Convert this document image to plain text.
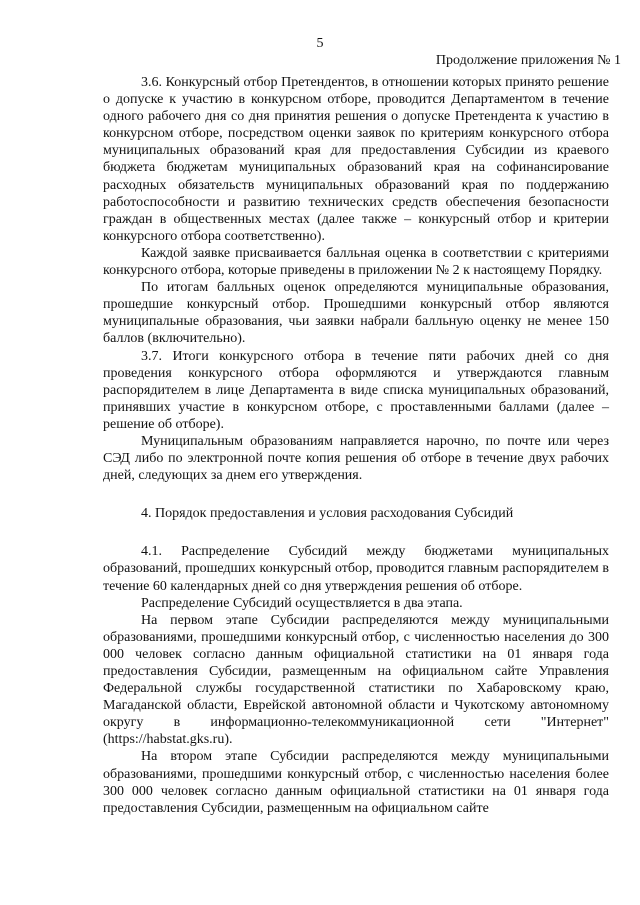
5
Продолжение приложения № 1

3.6. Конкурсный отбор Претендентов, в отношении которых принято решение о допуске к участию в конкурсном отборе, проводится Департаментом в течение одного рабочего дня со дня принятия решения о допуске Претендента к участию в конкурсном отборе, посредством оценки заявок по критериям конкурсного отбора муниципальных образований края для предоставления Субсидии из краевого бюджета бюджетам муниципальных образований края на софинансирование расходных обязательств муниципальных образований края по поддержанию работоспособности и развитию технических средств обеспечения безопасности граждан в общественных местах (далее также – конкурсный отбор и критерии конкурсного отбора соответственно).

Каждой заявке присваивается балльная оценка в соответствии с критериями конкурсного отбора, которые приведены в приложении № 2 к настоящему Порядку.

По итогам балльных оценок определяются муниципальные образования, прошедшие конкурсный отбор. Прошедшими конкурсный отбор являются муниципальные образования, чьи заявки набрали балльную оценку не менее 150 баллов (включительно).

3.7. Итоги конкурсного отбора в течение пяти рабочих дней со дня проведения конкурсного отбора оформляются и утверждаются главным распорядителем в лице Департамента в виде списка муниципальных образований, принявших участие в конкурсном отборе, с проставленными баллами (далее – решение об отборе).

Муниципальным образованиям направляется нарочно, по почте или через СЭД либо по электронной почте копия решения об отборе в течение двух рабочих дней, следующих за днем его утверждения.

4. Порядок предоставления и условия расходования Субсидий

4.1. Распределение Субсидий между бюджетами муниципальных образований, прошедших конкурсный отбор, проводится главным распорядителем в течение 60 календарных дней со дня утверждения решения об отборе.

Распределение Субсидий осуществляется в два этапа.

На первом этапе Субсидии распределяются между муниципальными образованиями, прошедшими конкурсный отбор, с численностью населения до 300 000 человек согласно данным официальной статистики на 01 января года предоставления Субсидии, размещенным на официальном сайте Управления Федеральной службы государственной статистики по Хабаровскому краю, Магаданской области, Еврейской автономной области и Чукотскому автономному округу в информационно-телекоммуникационной сети "Интернет" (https://habstat.gks.ru).

На втором этапе Субсидии распределяются между муниципальными образованиями, прошедшими конкурсный отбор, с численностью населения более 300 000 человек согласно данным официальной статистики на 01 января года предоставления Субсидии, размещенным на официальном сайте
